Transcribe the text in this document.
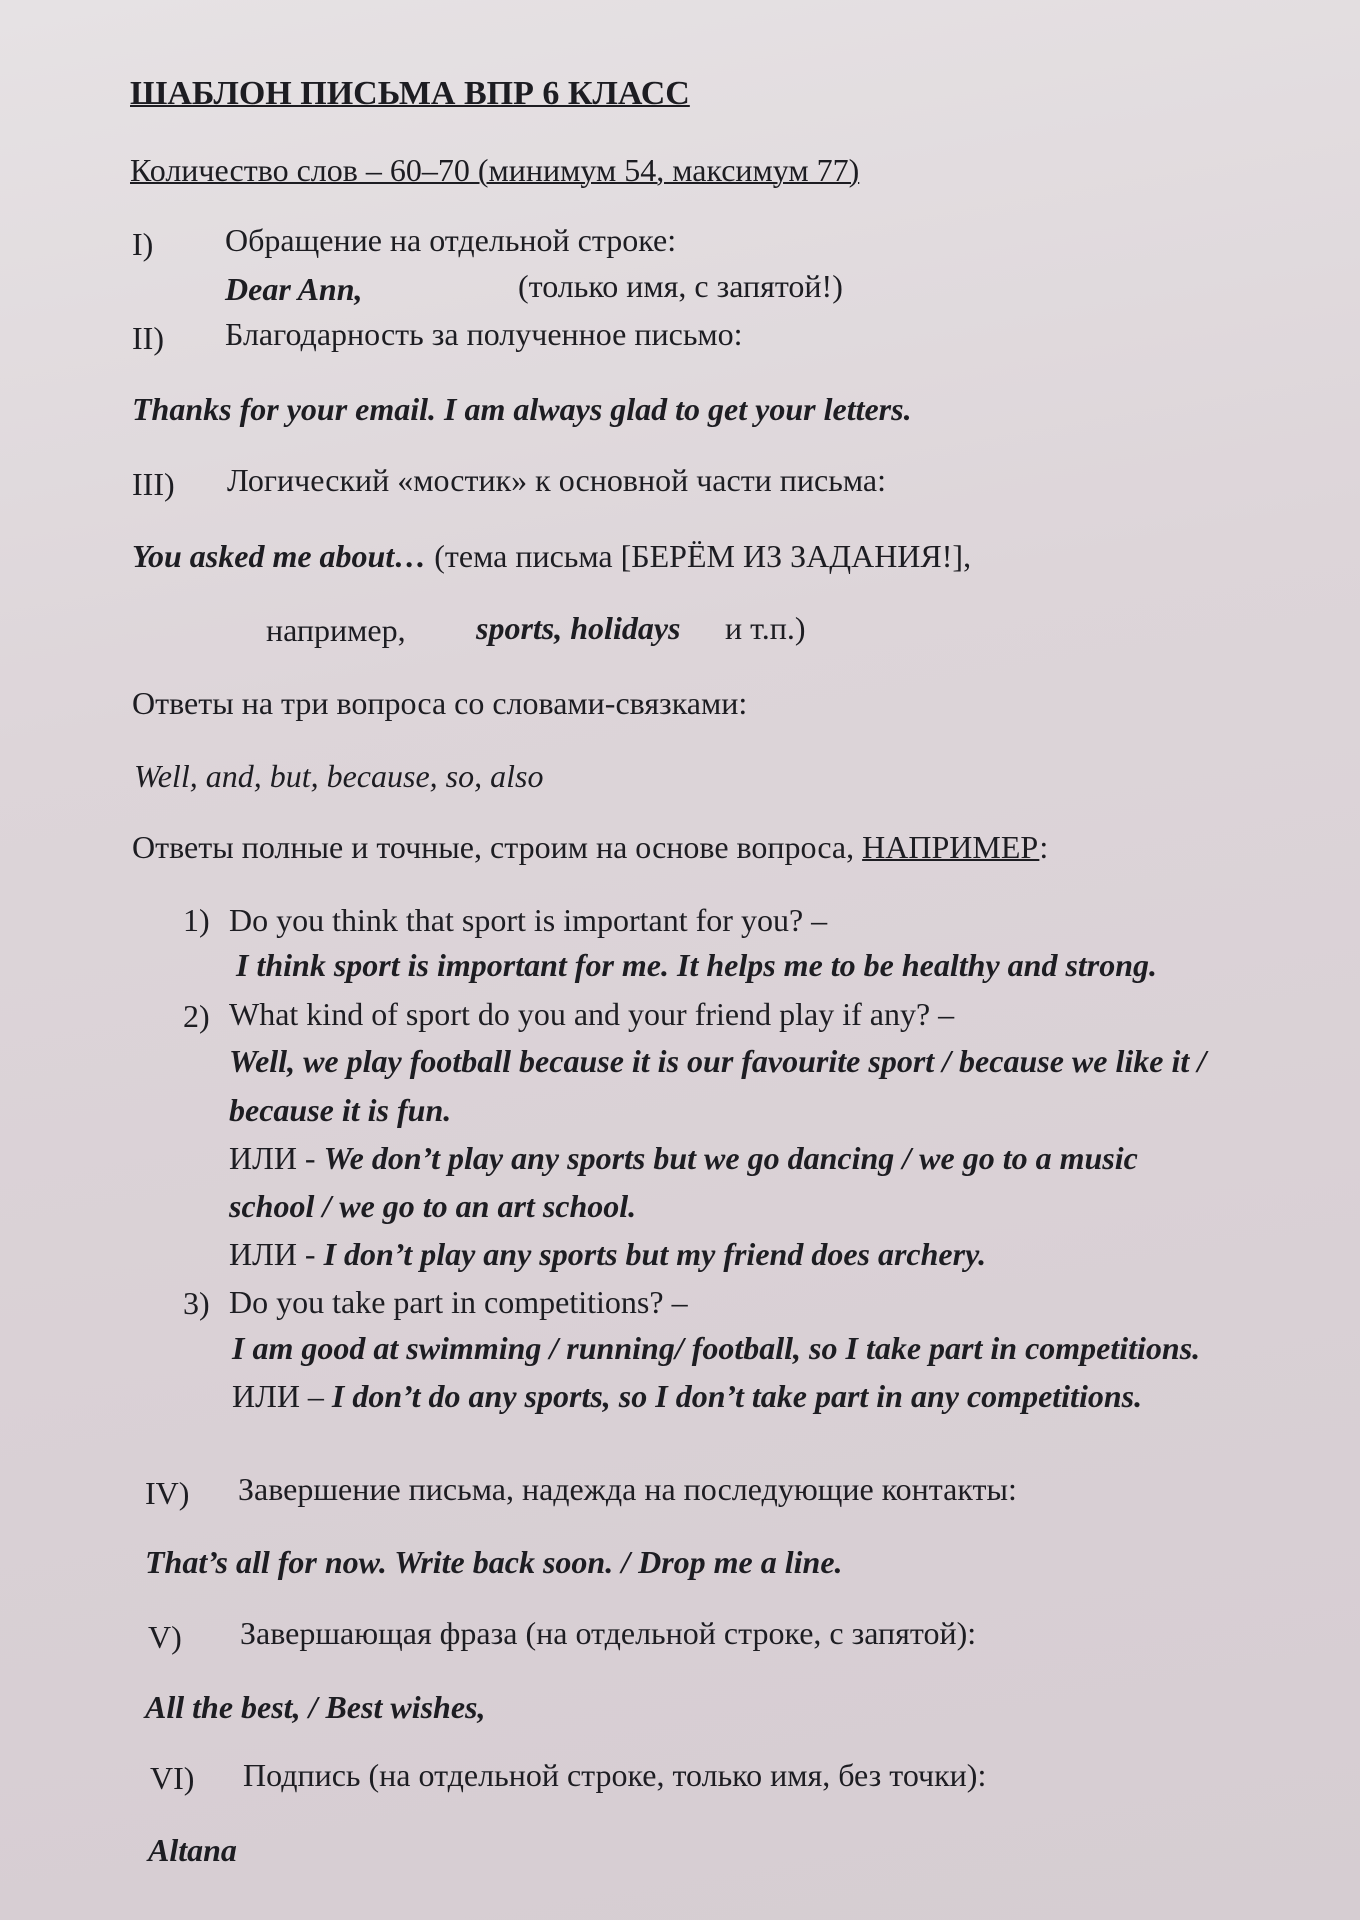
ШАБЛОН ПИСЬМА ВПР 6 КЛАСС
Количество слов – 60–70 (минимум 54, максимум 77)
I) Обращение на отдельной строке:
Dear Ann,	(только имя, с запятой!)
II) Благодарность за полученное письмо:
Thanks for your email. I am always glad to get your letters.
III) Логический «мостик» к основной части письма:
You asked me about… (тема письма [БЕРЁМ ИЗ ЗАДАНИЯ!],
например, sports, holidays и т.п.)
Ответы на три вопроса со словами-связками:
Well, and, but, because, so, also
Ответы полные и точные, строим на основе вопроса, НАПРИМЕР:
1) Do you think that sport is important for you? –
I think sport is important for me. It helps me to be healthy and strong.
2) What kind of sport do you and your friend play if any? –
Well, we play football because it is our favourite sport / because we like it /
because it is fun.
ИЛИ - We don’t play any sports but we go dancing / we go to a music
school / we go to an art school.
ИЛИ - I don’t play any sports but my friend does archery.
3) Do you take part in competitions? –
I am good at swimming / running/ football, so I take part in competitions.
ИЛИ – I don’t do any sports, so I don’t take part in any competitions.
IV) Завершение письма, надежда на последующие контакты:
That’s all for now. Write back soon. / Drop me a line.
V) Завершающая фраза (на отдельной строке, с запятой):
All the best, / Best wishes,
VI) Подпись (на отдельной строке, только имя, без точки):
Altana
